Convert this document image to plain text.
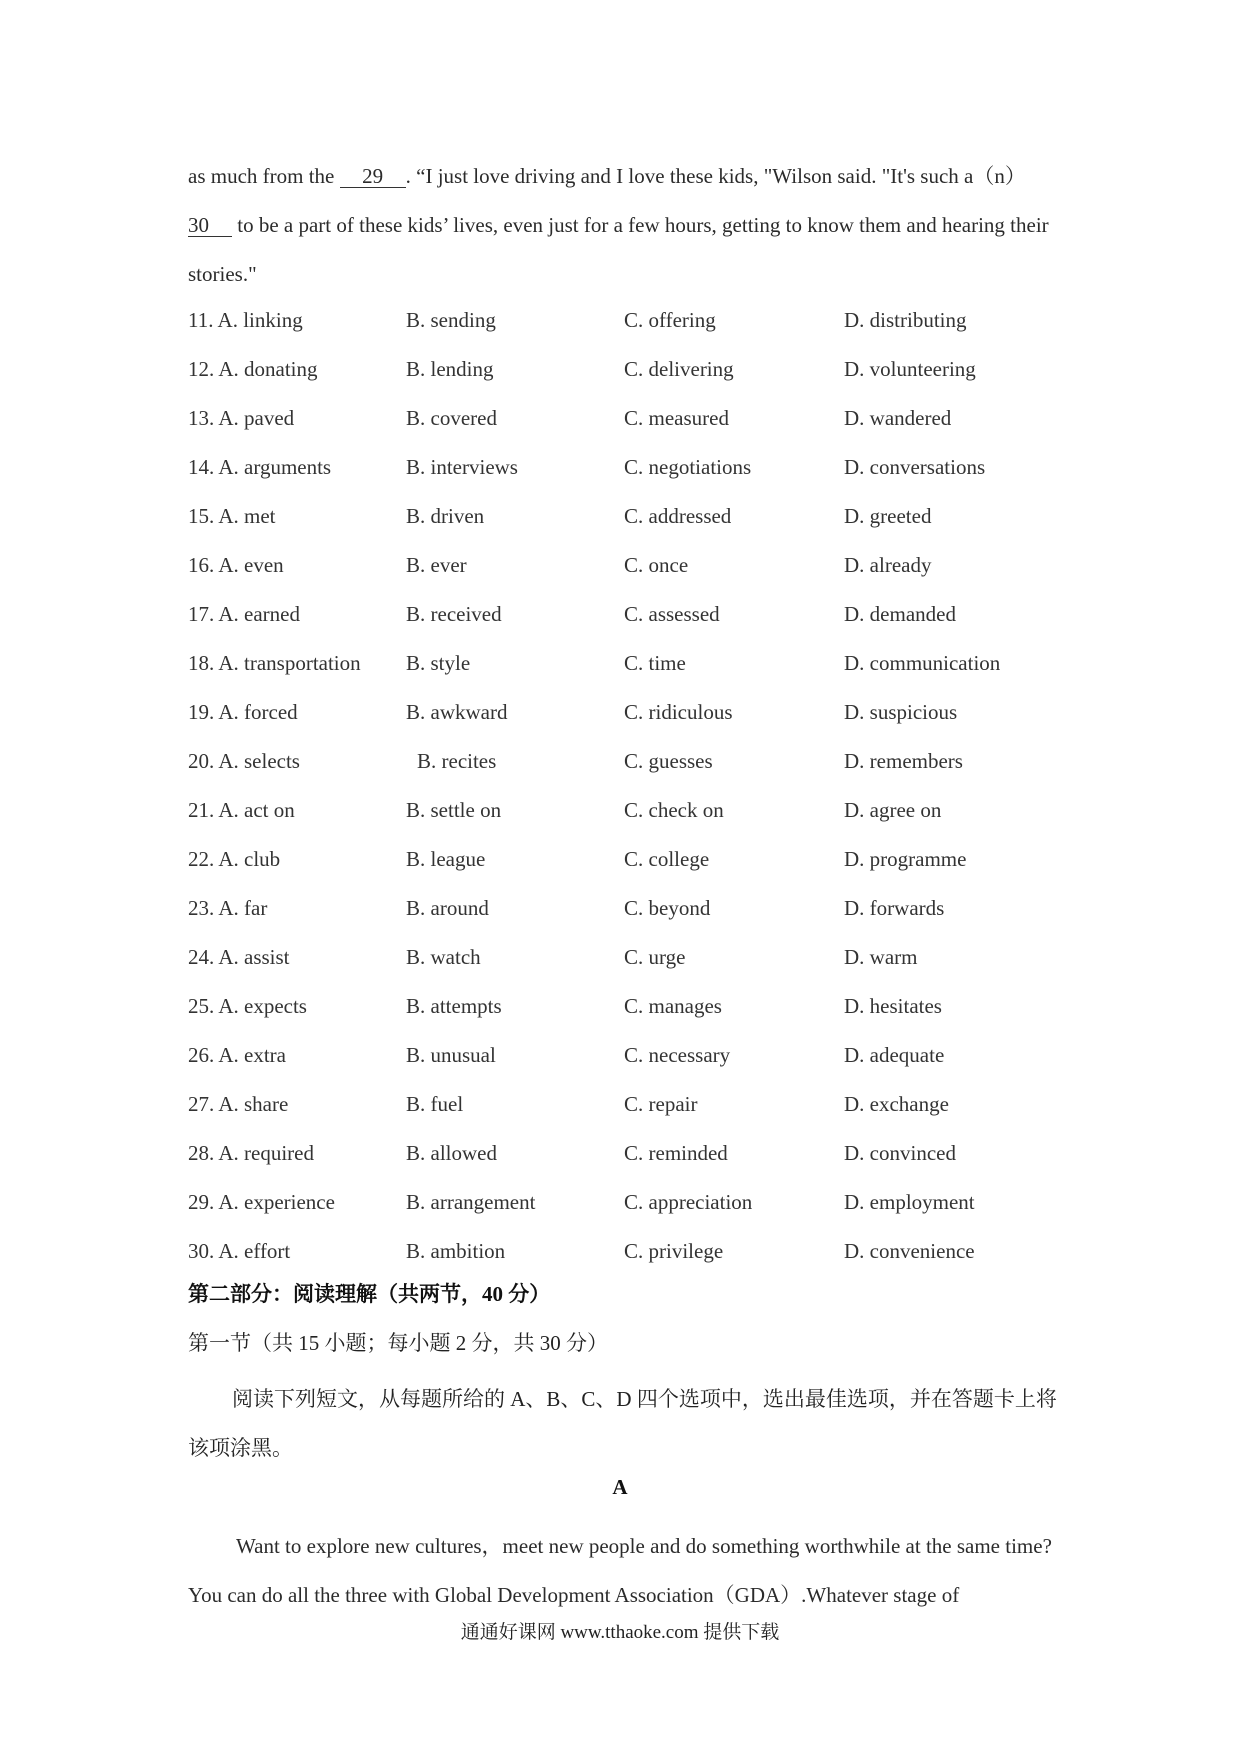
as much from the 29 . “I just love driving and I love these kids, "Wilson said. "It's such a（n）
30 to be a part of these kids’ lives, even just for a few hours, getting to know them and hearing their stories."

11. A. linking	B. sending	C. offering	D. distributing
12. A. donating	B. lending	C. delivering	D. volunteering
13. A. paved	B. covered	C. measured	D. wandered
14. A. arguments	B. interviews	C. negotiations	D. conversations
15. A. met	B. driven	C. addressed	D. greeted
16. A. even	B. ever	C. once	D. already
17. A. earned	B. received	C. assessed	D. demanded
18. A. transportation B. style	C. time	D. communication
19. A. forced	B. awkward	C. ridiculous	D. suspicious
20. A. selects	B. recites	C. guesses	D. remembers
21. A. act on	B. settle on	C. check on	D. agree on
22. A. club	B. league	C. college	D. programme
23. A. far	B. around	C. beyond	D. forwards
24. A. assist	B. watch	C. urge	D. warm
25. A. expects	B. attempts	C. manages	D. hesitates
26. A. extra	B. unusual	C. necessary	D. adequate
27. A. share	B. fuel	C. repair	D. exchange
28. A. required	B. allowed	C. reminded	D. convinced
29. A. experience	B. arrangement	C. appreciation	D. employment
30. A. effort	B. ambition	C. privilege	D. convenience
第二部分：阅读理解（共两节，40 分）
第一节（共 15 小题；每小题 2 分，共 30 分）

阅读下列短文，从每题所给的 A、B、C、D 四个选项中，选出最佳选项，并在答题卡上将该项涂黑。

A

Want to explore new cultures，meet new people and do something worthwhile at the same time? You can do all the three with Global Development Association（GDA）.Whatever stage of

通通好课网 www.tthaoke.com 提供下载
